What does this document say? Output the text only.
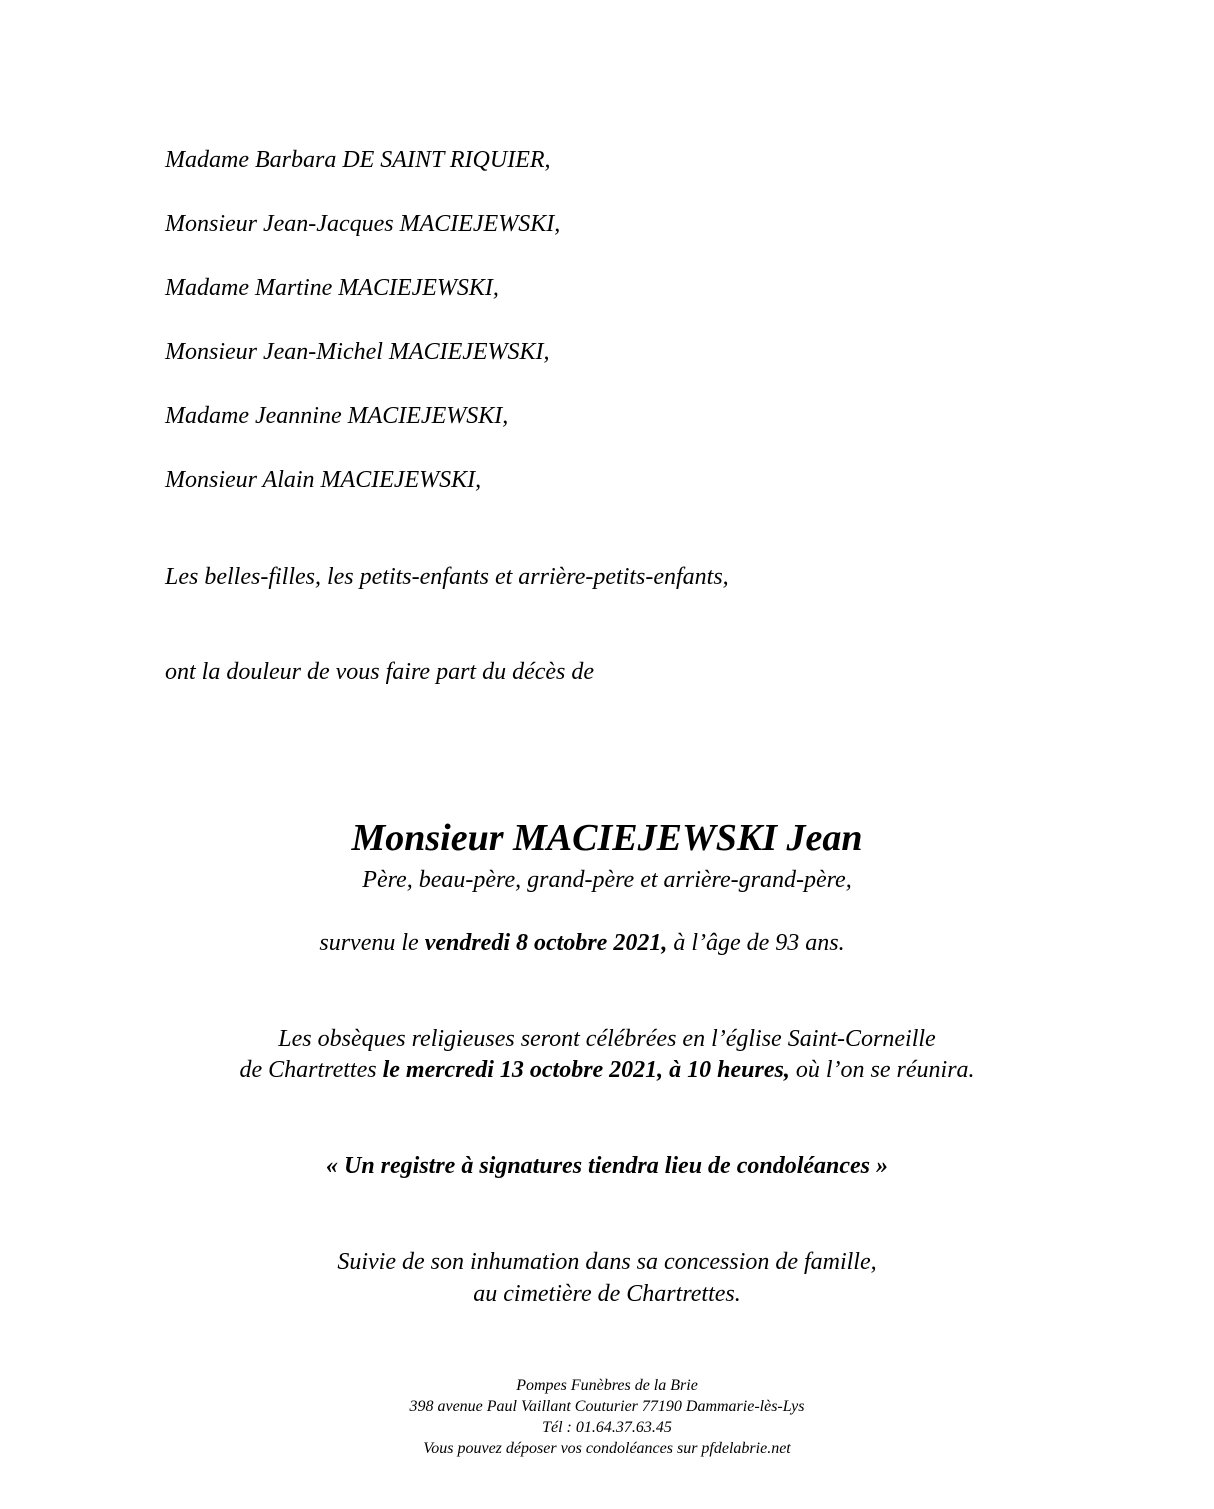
Madame Barbara DE SAINT RIQUIER,
Monsieur Jean-Jacques MACIEJEWSKI,
Madame Martine MACIEJEWSKI,
Monsieur Jean-Michel MACIEJEWSKI,
Madame Jeannine MACIEJEWSKI,
Monsieur Alain MACIEJEWSKI,
Les belles-filles, les petits-enfants et arrière-petits-enfants,
ont la douleur de vous faire part du décès de
Monsieur MACIEJEWSKI Jean
Père, beau-père, grand-père et arrière-grand-père,
survenu le vendredi 8 octobre 2021, à l’âge de 93 ans.
Les obsèques religieuses seront célébrées en l’église Saint-Corneille
de Chartrettes le mercredi 13 octobre 2021, à 10 heures, où l’on se réunira.
« Un registre à signatures tiendra lieu de condoléances »
Suivie de son inhumation dans sa concession de famille,
au cimetière de Chartrettes.
Pompes Funèbres de la Brie
398 avenue Paul Vaillant Couturier 77190 Dammarie-lès-Lys
Tél : 01.64.37.63.45
Vous pouvez déposer vos condoléances sur pfdelabrie.net
